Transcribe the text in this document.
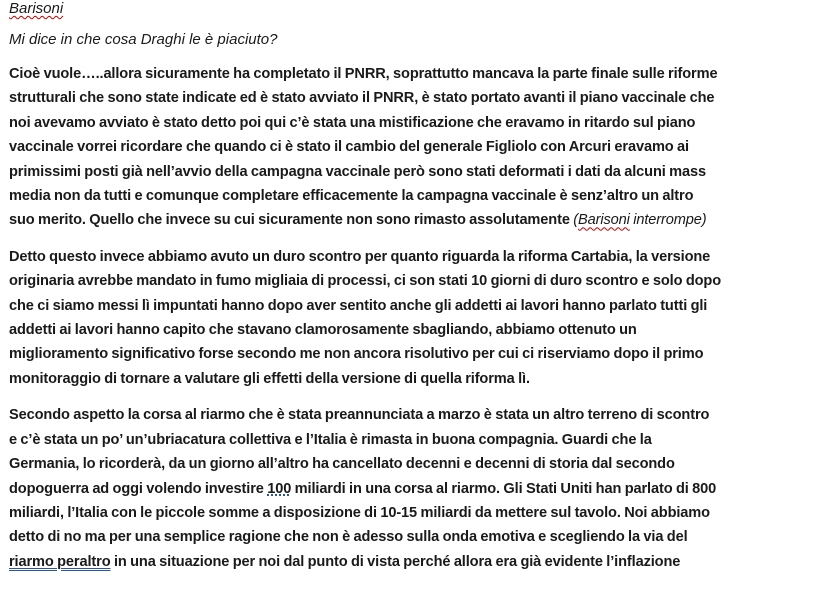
Barisoni

Mi dice in che cosa Draghi le è piaciuto?

Cioè vuole…..allora sicuramente ha completato il PNRR, soprattutto mancava la parte finale sulle riforme
strutturali che sono state indicate ed è stato avviato il PNRR, è stato portato avanti il piano vaccinale che
noi avevamo avviato è stato detto poi qui c’è stata una mistificazione che eravamo in ritardo sul piano
vaccinale vorrei ricordare che quando ci è stato il cambio del generale Figliolo con Arcuri eravamo ai
primissimi posti già nell’avvio della campagna vaccinale però sono stati deformati i dati da alcuni mass
media non da tutti e comunque completare efficacemente la campagna vaccinale è senz’altro un altro
suo merito. Quello che invece su cui sicuramente non sono rimasto assolutamente (Barisoni interrompe)

Detto questo invece abbiamo avuto un duro scontro per quanto riguarda la riforma Cartabia, la versione
originaria avrebbe mandato in fumo migliaia di processi, ci son stati 10 giorni di duro scontro e solo dopo
che ci siamo messi lì impuntati hanno dopo aver sentito anche gli addetti ai lavori hanno parlato tutti gli
addetti ai lavori hanno capito che stavano clamorosamente sbagliando, abbiamo ottenuto un
miglioramento significativo forse secondo me non ancora risolutivo per cui ci riserviamo dopo il primo
monitoraggio di tornare a valutare gli effetti della versione di quella riforma lì.

Secondo aspetto la corsa al riarmo che è stata preannunciata a marzo è stata un altro terreno di scontro
e c’è stata un po’ un’ubriacatura collettiva e l’Italia è rimasta in buona compagnia. Guardi che la
Germania, lo ricorderà, da un giorno all’altro ha cancellato decenni e decenni di storia dal secondo
dopoguerra ad oggi volendo investire 100 miliardi in una corsa al riarmo. Gli Stati Uniti han parlato di 800
miliardi, l’Italia con le piccole somme a disposizione di 10-15 miliardi da mettere sul tavolo. Noi abbiamo
detto di no ma per una semplice ragione che non è adesso sulla onda emotiva e scegliendo la via del
riarmo peraltro in una situazione per noi dal punto di vista perché allora era già evidente l’inflazione
